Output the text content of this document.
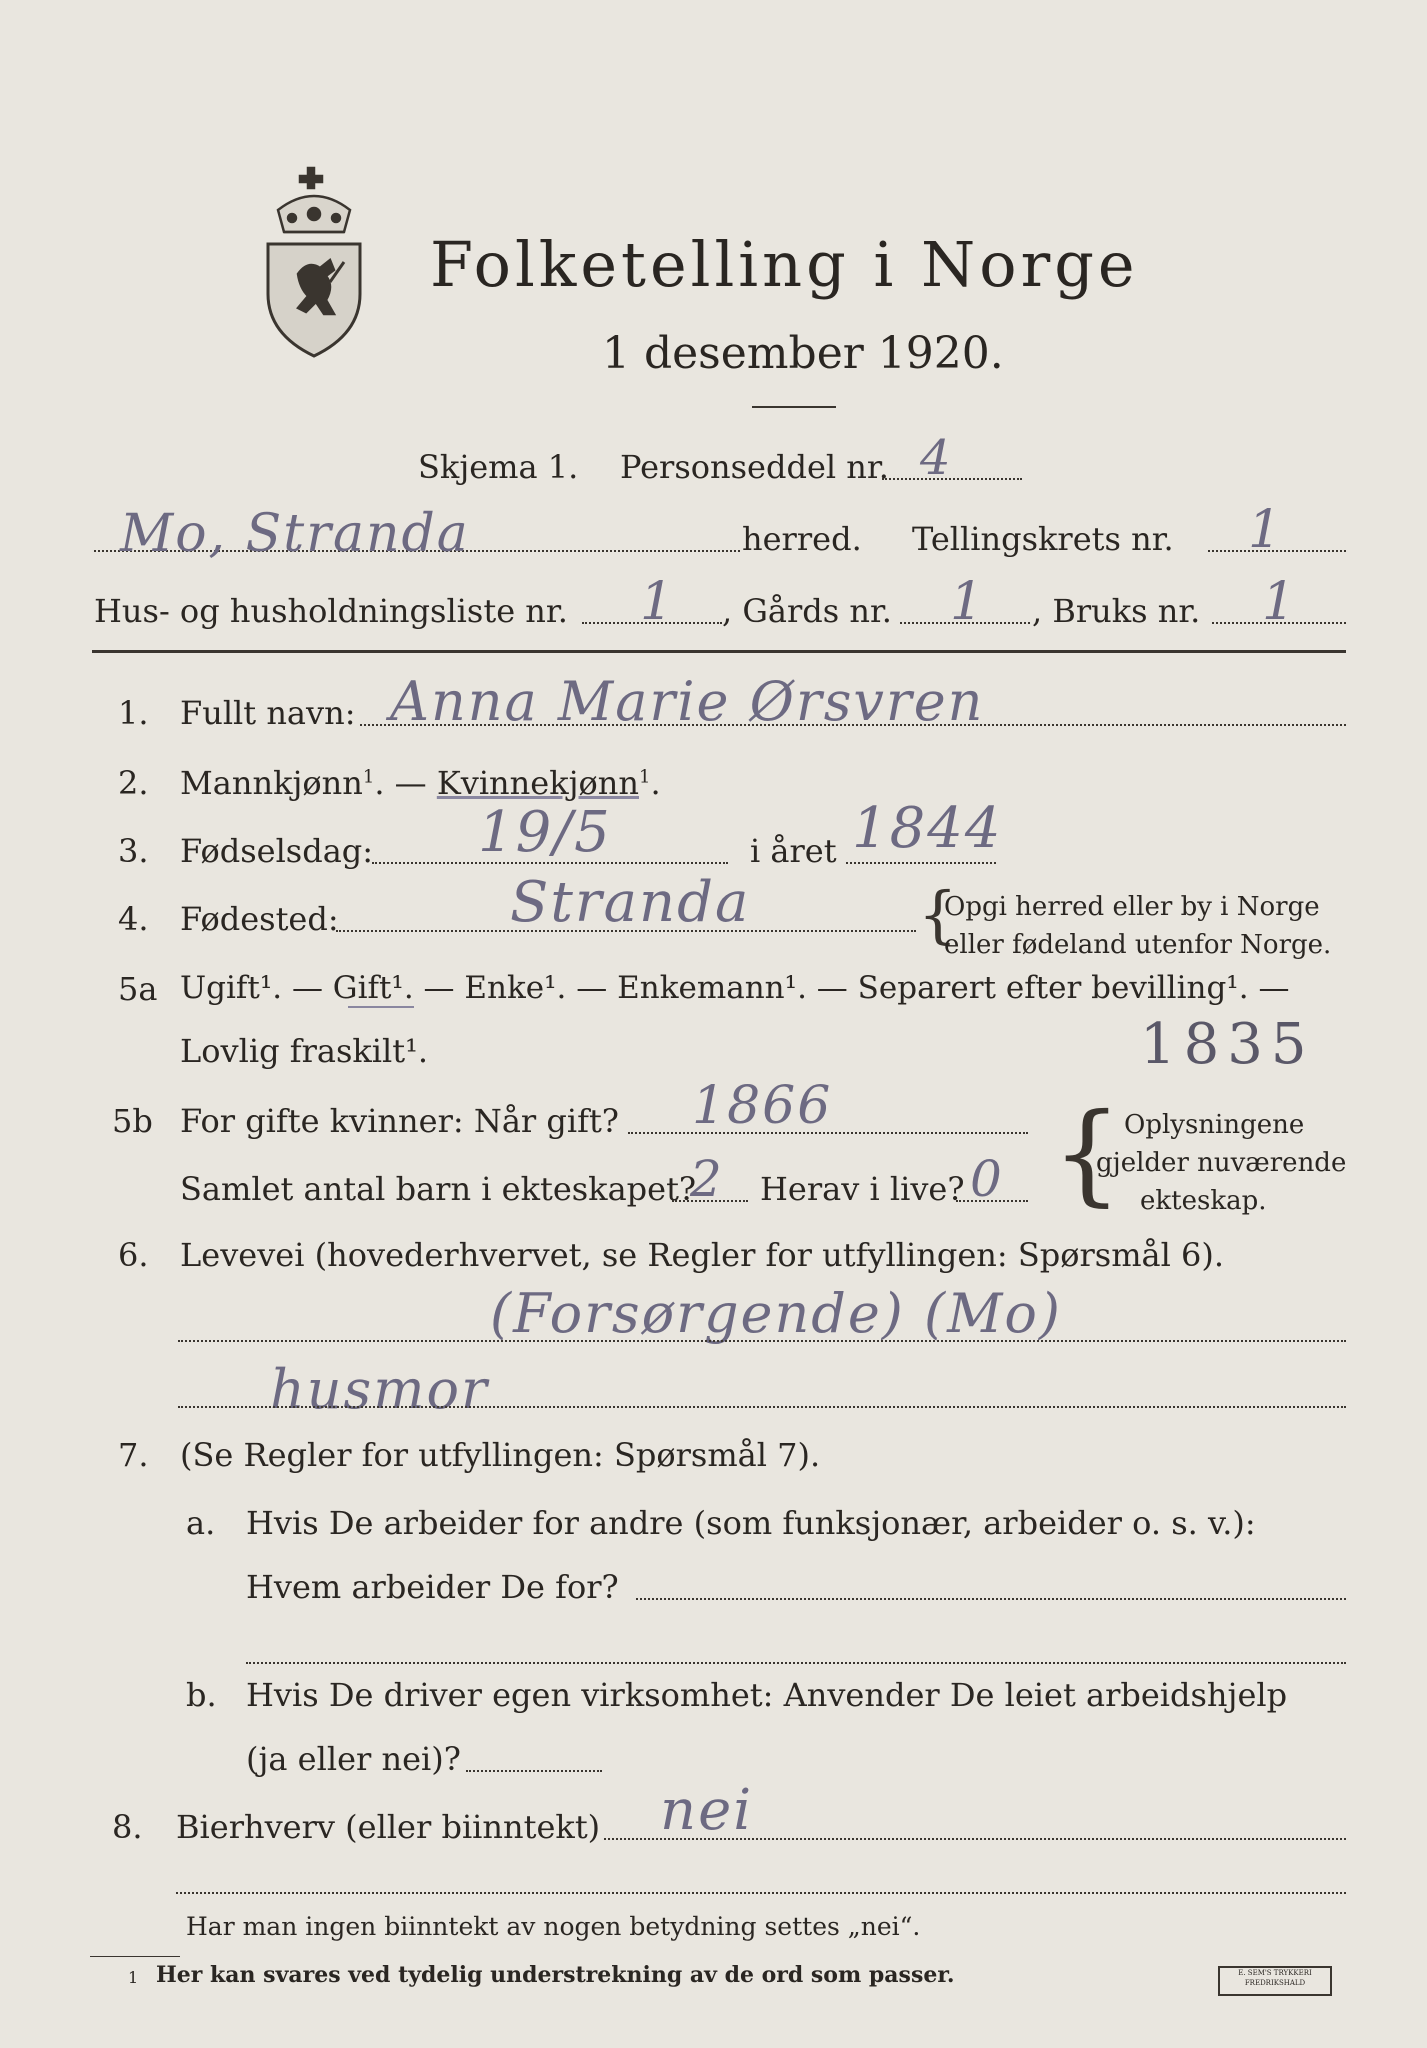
Folketelling i Norge
1 desember 1920.
Skjema 1. Personseddel nr. 4
Mo, Stranda	herred. Tellingskrets nr. 1
Hus- og husholdningsliste nr. 1 , Gårds nr. 1 , Bruks nr. 1
1. Fullt navn: Anna Marie Ørsvren
2. Mannkjønn$^1$. — Kvinnekjønn$^1$.
3. Fødselsdag: 19/5	i året 1844
4. Fødested:	Stranda	{
Opgi herred eller by i Norge
eller fødeland utenfor Norge.
5a Ugift¹. — Gift¹. — Enke¹. — Enkemann¹. — Separert efter bevilling¹. —
Lovlig fraskilt¹.	1835
5b For gifte kvinner: Når gift? 1866
Samlet antal barn i ekteskapet?
2 Herav i live? 0 { Oplysningene
gjelder nuværende
ekteskap.
6. Levevei (hovederhvervet, se Regler for utfyllingen: Spørsmål 6).
(Forsørgende) (Mo)
husmor
7. (Se Regler for utfyllingen: Spørsmål 7).
a. Hvis De arbeider for andre (som funksjonær, arbeider o. s. v.):
Hvem arbeider De for?
b. Hvis De driver egen virksomhet: Anvender De leiet arbeidshjelp
(ja eller nei)?
8. Bierhverv (eller biinntekt) nei
Har man ingen biinntekt av nogen betydning settes „nei“.
1 Her kan svares ved tydelig understrekning av de ord som passer.	E. SEM'S TRYKKERI FREDRIKSHALD
